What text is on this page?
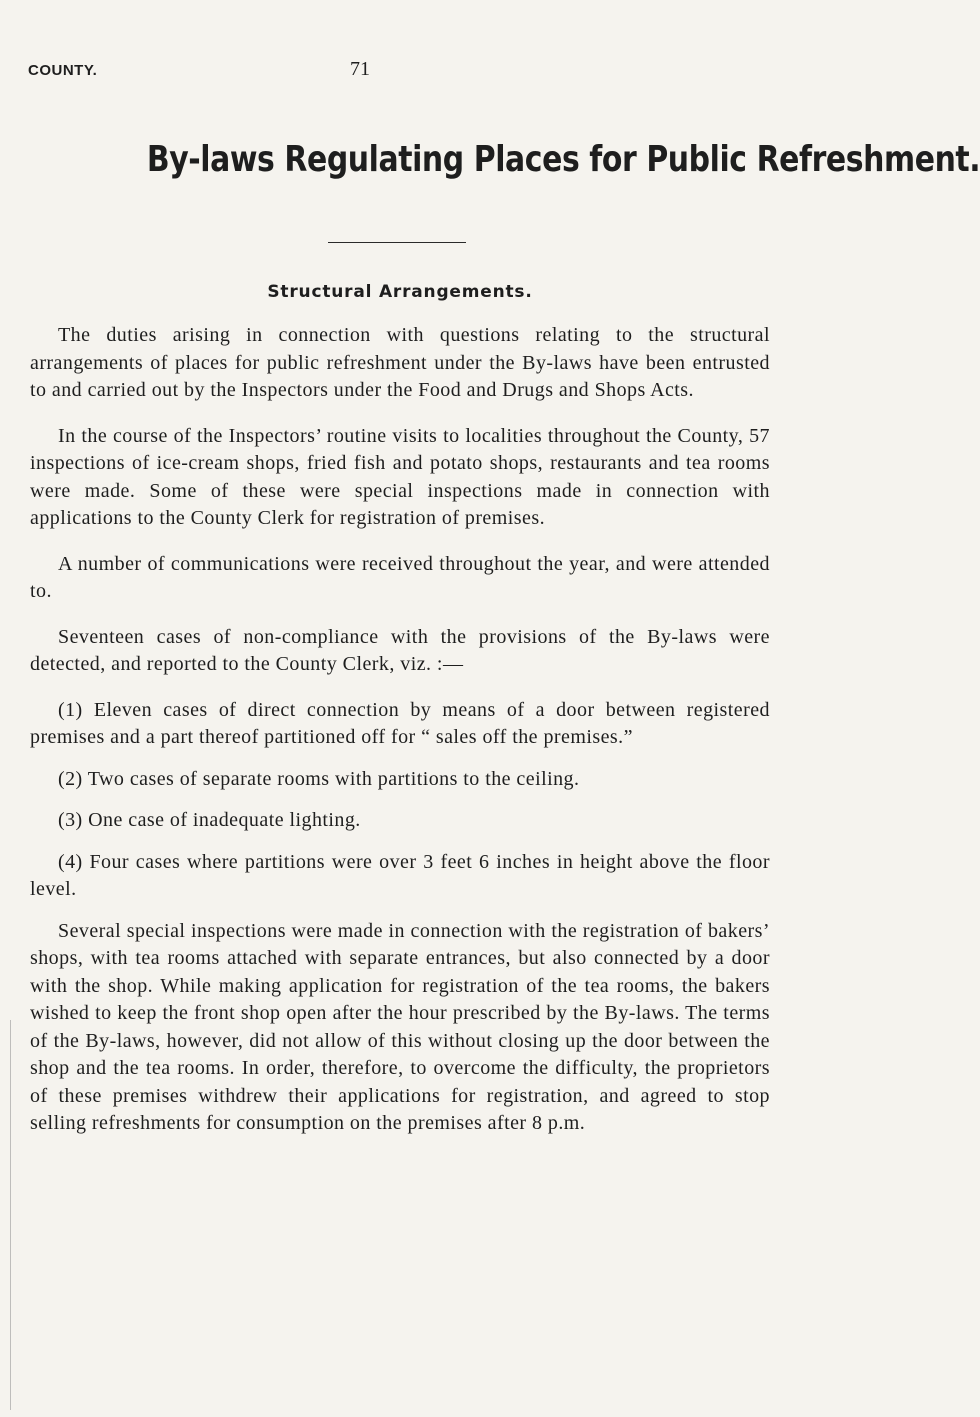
COUNTY.	71
By-laws Regulating Places for Public Refreshment.
Structural Arrangements.

The duties arising in connection with questions relating to the structural arrangements of places for public refreshment under the By-laws have been entrusted to and carried out by the Inspectors under the Food and Drugs and Shops Acts.

In the course of the Inspectors’ routine visits to localities throughout the County, 57 inspections of ice-cream shops, fried fish and potato shops, restaurants and tea rooms were made. Some of these were special inspections made in connection with applications to the County Clerk for registration of premises.

A number of communications were received throughout the year, and were attended to.

Seventeen cases of non-compliance with the provisions of the By-laws were detected, and reported to the County Clerk, viz. :—

(1) Eleven cases of direct connection by means of a door between registered premises and a part thereof partitioned off for “ sales off the premises.”

(2) Two cases of separate rooms with partitions to the ceiling.

(3) One case of inadequate lighting.

(4) Four cases where partitions were over 3 feet 6 inches in height above the floor level.

Several special inspections were made in connection with the registration of bakers’ shops, with tea rooms attached with separate entrances, but also connected by a door with the shop. While making application for registration of the tea rooms, the bakers wished to keep the front shop open after the hour prescribed by the By-laws. The terms of the By-laws, however, did not allow of this without closing up the door between the shop and the tea rooms. In order, therefore, to overcome the difficulty, the proprietors of these premises withdrew their applications for registration, and agreed to stop selling refreshments for consumption on the premises after 8 p.m.
